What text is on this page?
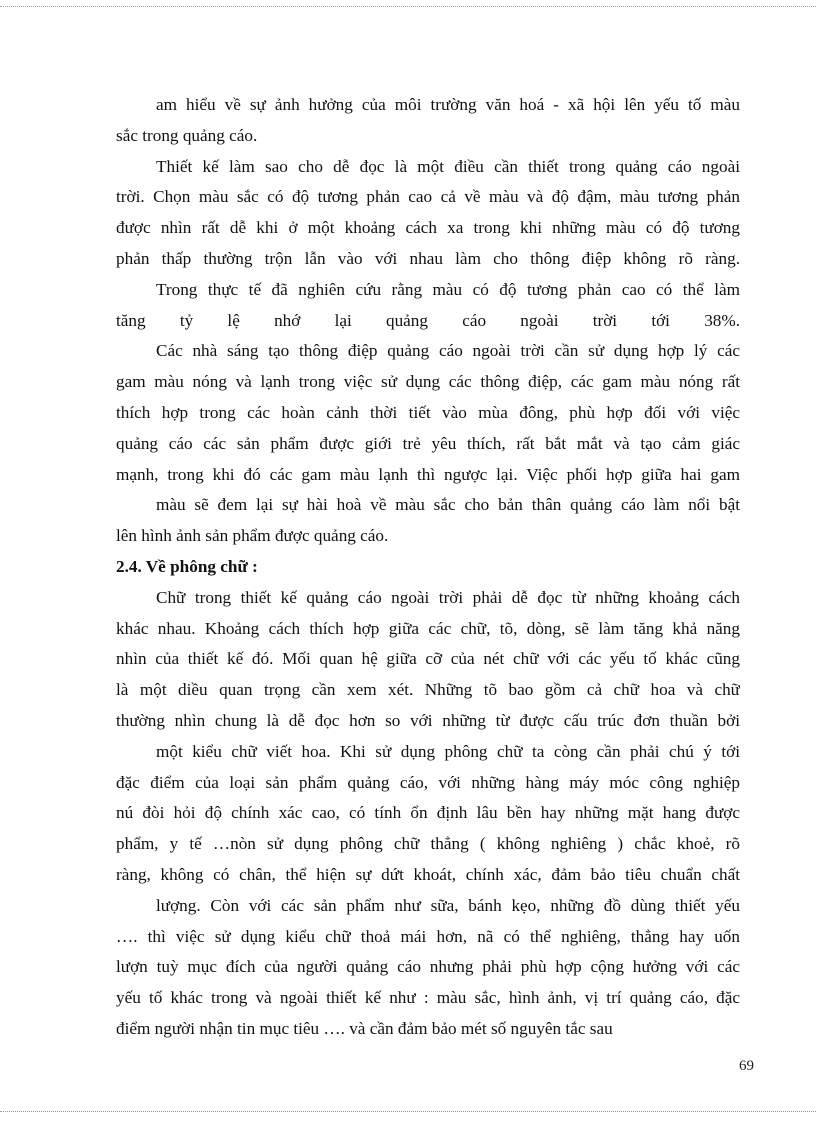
am hiểu về sự ảnh hưởng của môi trường văn hoá - xã hội lên yếu tố màu
sắc trong quảng cáo.
Thiết kế làm sao cho dễ đọc là một điều cần thiết trong quảng cáo ngoài
trời. Chọn màu sắc có độ tương phản cao cả về màu và độ đậm, màu tương phản
được nhìn rất dễ khi ở một khoảng cách xa trong khi những màu có độ tương
phản thấp thường trộn lẫn vào với nhau làm cho thông điệp không rõ ràng.
Trong thực tế đã nghiên cứu rằng màu có độ tương phản cao có thể làm
tăng tỷ lệ nhớ lại quảng cáo ngoài trời tới 38%.
Các nhà sáng tạo thông điệp quảng cáo ngoài trời cần sử dụng hợp lý các
gam màu nóng và lạnh trong việc sử dụng các thông điệp, các gam màu nóng rất
thích hợp trong các hoàn cảnh thời tiết vào mùa đông, phù hợp đối với việc
quảng cáo các sản phẩm được giới trẻ yêu thích, rất bắt mắt và tạo cảm giác
mạnh, trong khi đó các gam màu lạnh thì ngược lại. Việc phối hợp giữa hai gam
màu sẽ đem lại sự hài hoà về màu sắc cho bản thân quảng cáo làm nổi bật
lên hình ảnh sản phẩm được quảng cáo.
2.4. Về phông chữ :
Chữ trong thiết kế quảng cáo ngoài trời phải dễ đọc từ những khoảng cách
khác nhau. Khoảng cách thích hợp giữa các chữ, tõ, dòng, sẽ làm tăng khả năng
nhìn của thiết kế đó. Mối quan hệ giữa cỡ của nét chữ với các yếu tố khác cũng
là một diều quan trọng cần xem xét. Những tõ bao gồm cả chữ hoa và chữ
thường nhìn chung là dễ đọc hơn so với những từ được cấu trúc đơn thuần bởi
một kiểu chữ viết hoa. Khi sử dụng phông chữ ta còng cần phải chú ý tới
đặc điểm của loại sản phẩm quảng cáo, với những hàng máy móc công nghiệp
nú đòi hỏi độ chính xác cao, có tính ổn định lâu bền hay những mặt hang được
phẩm, y tế …nòn sử dụng phông chữ thẳng ( không nghiêng ) chắc khoẻ, rõ
ràng, không có chân, thể hiện sự dứt khoát, chính xác, đảm bảo tiêu chuẩn chất
lượng. Còn với các sản phẩm như sữa, bánh kẹo, những đồ dùng thiết yếu
…. thì việc sử dụng kiểu chữ thoả mái hơn, nã có thể nghiêng, thẳng hay uốn
lượn tuỳ mục đích của người quảng cáo nhưng phải phù hợp cộng hưởng với các
yếu tố khác trong và ngoài thiết kế như : màu sắc, hình ảnh, vị trí quảng cáo, đặc
điểm người nhận tin mục tiêu …. và cần đảm bảo mét số nguyên tắc sau
69
